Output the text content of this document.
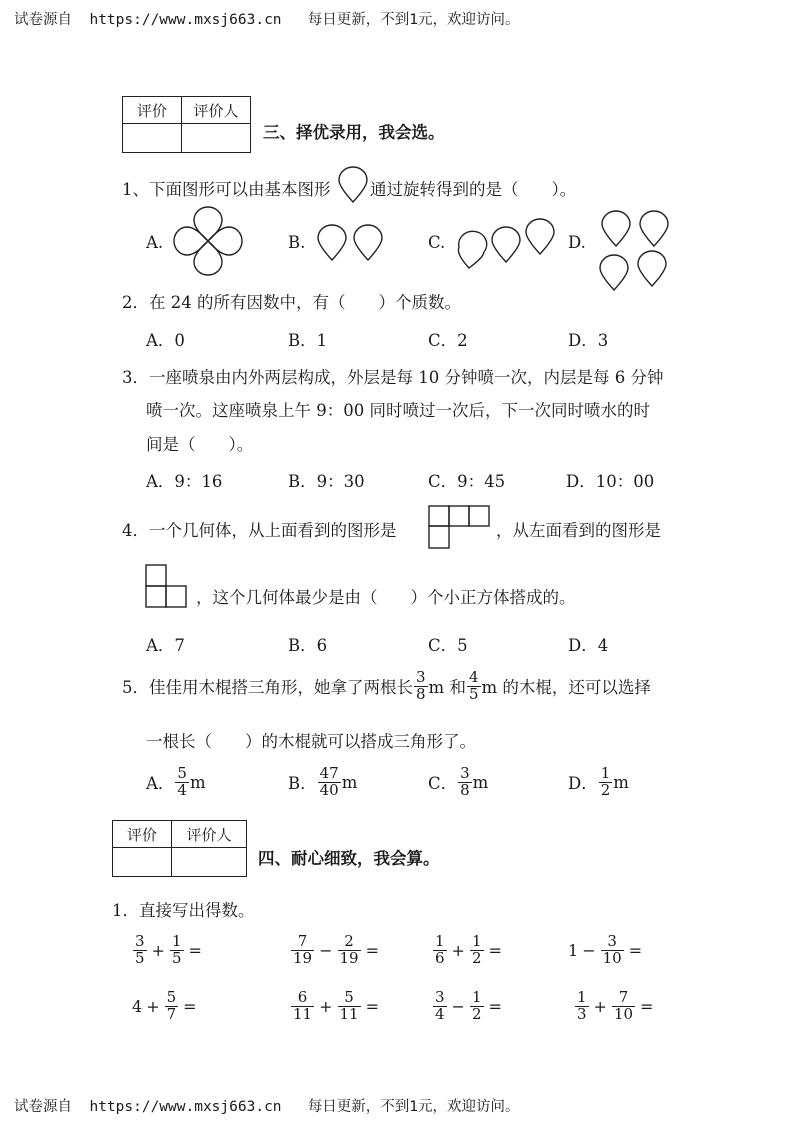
试卷源自 https://www.mxsj663.cn 每日更新，不到1元，欢迎访问。
评价	评价人

三、择优录用，我会选。
1、下面图形可以由基本图形 通过旋转得到的是（　　）。
A.	B.	C.	D.
2．在 24 的所有因数中，有（　　）个质数。
A．0	B．1	C．2	D．3
3．一座喷泉由内外两层构成，外层是每 10 分钟喷一次，内层是每 6 分钟
喷一次。这座喷泉上午 9：00 同时喷过一次后，下一次同时喷水的时
间是（　　）。
A．9：16	B．9：30	C．9：45	D．10：00
4．一个几何体，从上面看到的图形是	，从左面看到的图形是
，这个几何体最少是由（　　）个小正方体搭成的。
A．7	B．6	C．5	D．4
5．佳佳用木棍搭三角形，她拿了两根长 $\frac{3}{8}$ m 和 $\frac{4}{5}$ m 的木棍，还可以选择
一根长（　　）的木棍就可以搭成三角形了。
A． $\frac{5}{4}$ m	B． $\frac{47}{40}$ m	C． $\frac{3}{8}$ m	D． $\frac{1}{2}$ m
评价	评价人

四、耐心细致，我会算。
1．直接写出得数。
$\frac{3}{5} + \frac{1}{5}$ =	$\frac{7}{19} - \frac{2}{19}$ =	$\frac{1}{6} + \frac{1}{2}$ =	$1 - \frac{3}{10}$ =
$4 + \frac{5}{7}$ =	$\frac{6}{11} + \frac{5}{11}$ =	$\frac{3}{4} - \frac{1}{2}$ =	$\frac{1}{3} + \frac{7}{10}$ =
试卷源自 https://www.mxsj663.cn 每日更新，不到1元，欢迎访问。
